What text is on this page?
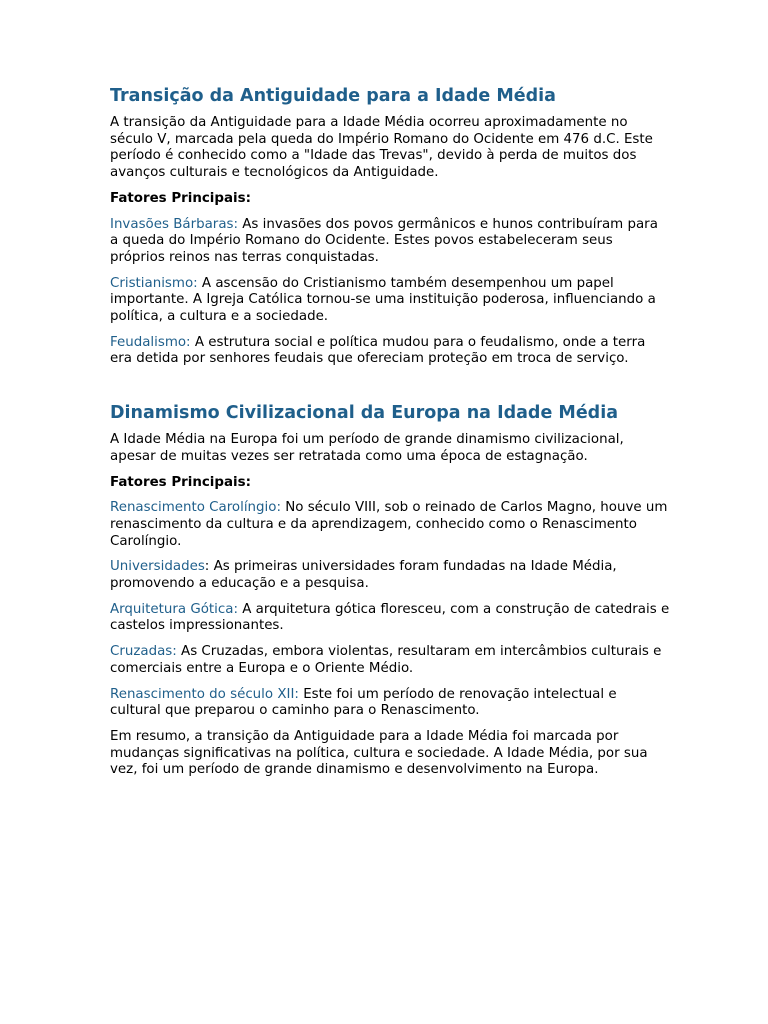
Transição da Antiguidade para a Idade Média

A transição da Antiguidade para a Idade Média ocorreu aproximadamente no século V, marcada pela queda do Império Romano do Ocidente em 476 d.C. Este período é conhecido como a "Idade das Trevas", devido à perda de muitos dos avanços culturais e tecnológicos da Antiguidade.

Fatores Principais:

Invasões Bárbaras: As invasões dos povos germânicos e hunos contribuíram para a queda do Império Romano do Ocidente. Estes povos estabeleceram seus próprios reinos nas terras conquistadas.

Cristianismo: A ascensão do Cristianismo também desempenhou um papel importante. A Igreja Católica tornou-se uma instituição poderosa, influenciando a política, a cultura e a sociedade.

Feudalismo: A estrutura social e política mudou para o feudalismo, onde a terra era detida por senhores feudais que ofereciam proteção em troca de serviço.

Dinamismo Civilizacional da Europa na Idade Média

A Idade Média na Europa foi um período de grande dinamismo civilizacional, apesar de muitas vezes ser retratada como uma época de estagnação.

Fatores Principais:

Renascimento Carolíngio: No século VIII, sob o reinado de Carlos Magno, houve um renascimento da cultura e da aprendizagem, conhecido como o Renascimento Carolíngio.

Universidades: As primeiras universidades foram fundadas na Idade Média, promovendo a educação e a pesquisa.

Arquitetura Gótica: A arquitetura gótica floresceu, com a construção de catedrais e castelos impressionantes.

Cruzadas: As Cruzadas, embora violentas, resultaram em intercâmbios culturais e comerciais entre a Europa e o Oriente Médio.

Renascimento do século XII: Este foi um período de renovação intelectual e cultural que preparou o caminho para o Renascimento.

Em resumo, a transição da Antiguidade para a Idade Média foi marcada por mudanças significativas na política, cultura e sociedade. A Idade Média, por sua vez, foi um período de grande dinamismo e desenvolvimento na Europa.
